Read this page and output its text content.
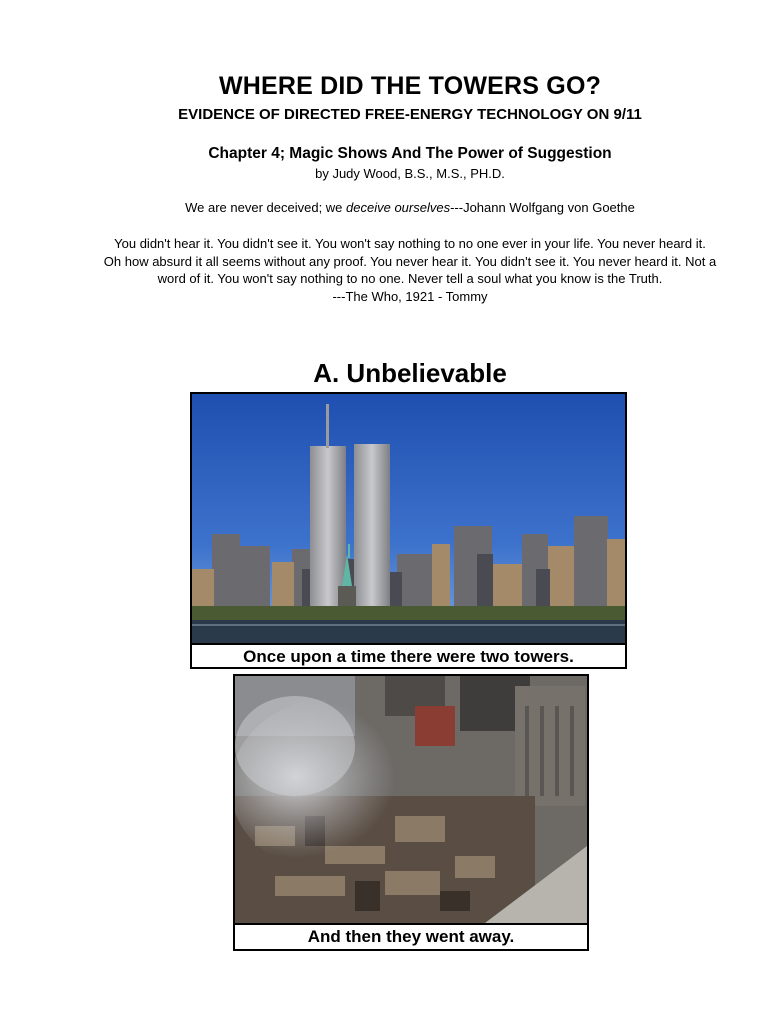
WHERE DID THE TOWERS GO?
EVIDENCE OF DIRECTED FREE-ENERGY TECHNOLOGY ON 9/11
Chapter 4; Magic Shows And The Power of Suggestion
by Judy Wood, B.S., M.S., PH.D.
We are never deceived; we deceive ourselves---Johann Wolfgang von Goethe
You didn't hear it. You didn't see it. You won't say nothing to no one ever in your life. You never heard it.
Oh how absurd it all seems without any proof. You never hear it. You didn't see it. You never heard it. Not a
word of it. You won't say nothing to no one. Never tell a soul what you know is the Truth.
---The Who, 1921 - Tommy
A. Unbelievable
Once upon a time there were two towers.
And then they went away.
